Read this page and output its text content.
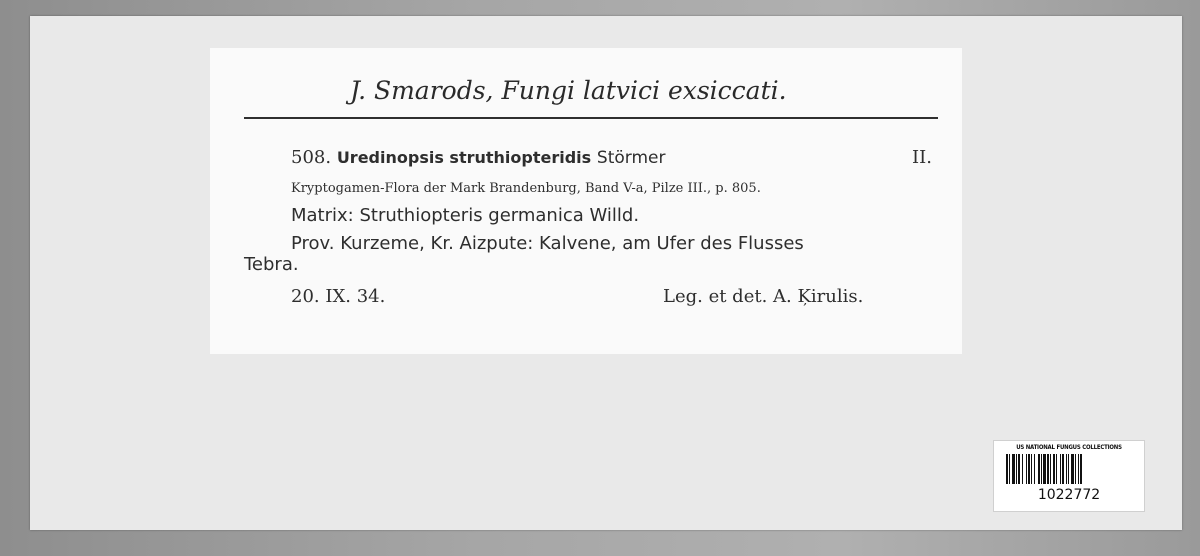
J. Smarods, Fungi latvici exsiccati.
508. Uredinopsis struthiopteridis Störmer	II.
Kryptogamen-Flora der Mark Brandenburg, Band V-a, Pilze III., p. 805.
Matrix: Struthiopteris germanica Willd.
Prov. Kurzeme, Kr. Aizpute: Kalvene, am Ufer des Flusses
Tebra.
20. IX. 34.	Leg. et det. A. Ķirulis.
US NATIONAL FUNGUS COLLECTIONS
1022772
